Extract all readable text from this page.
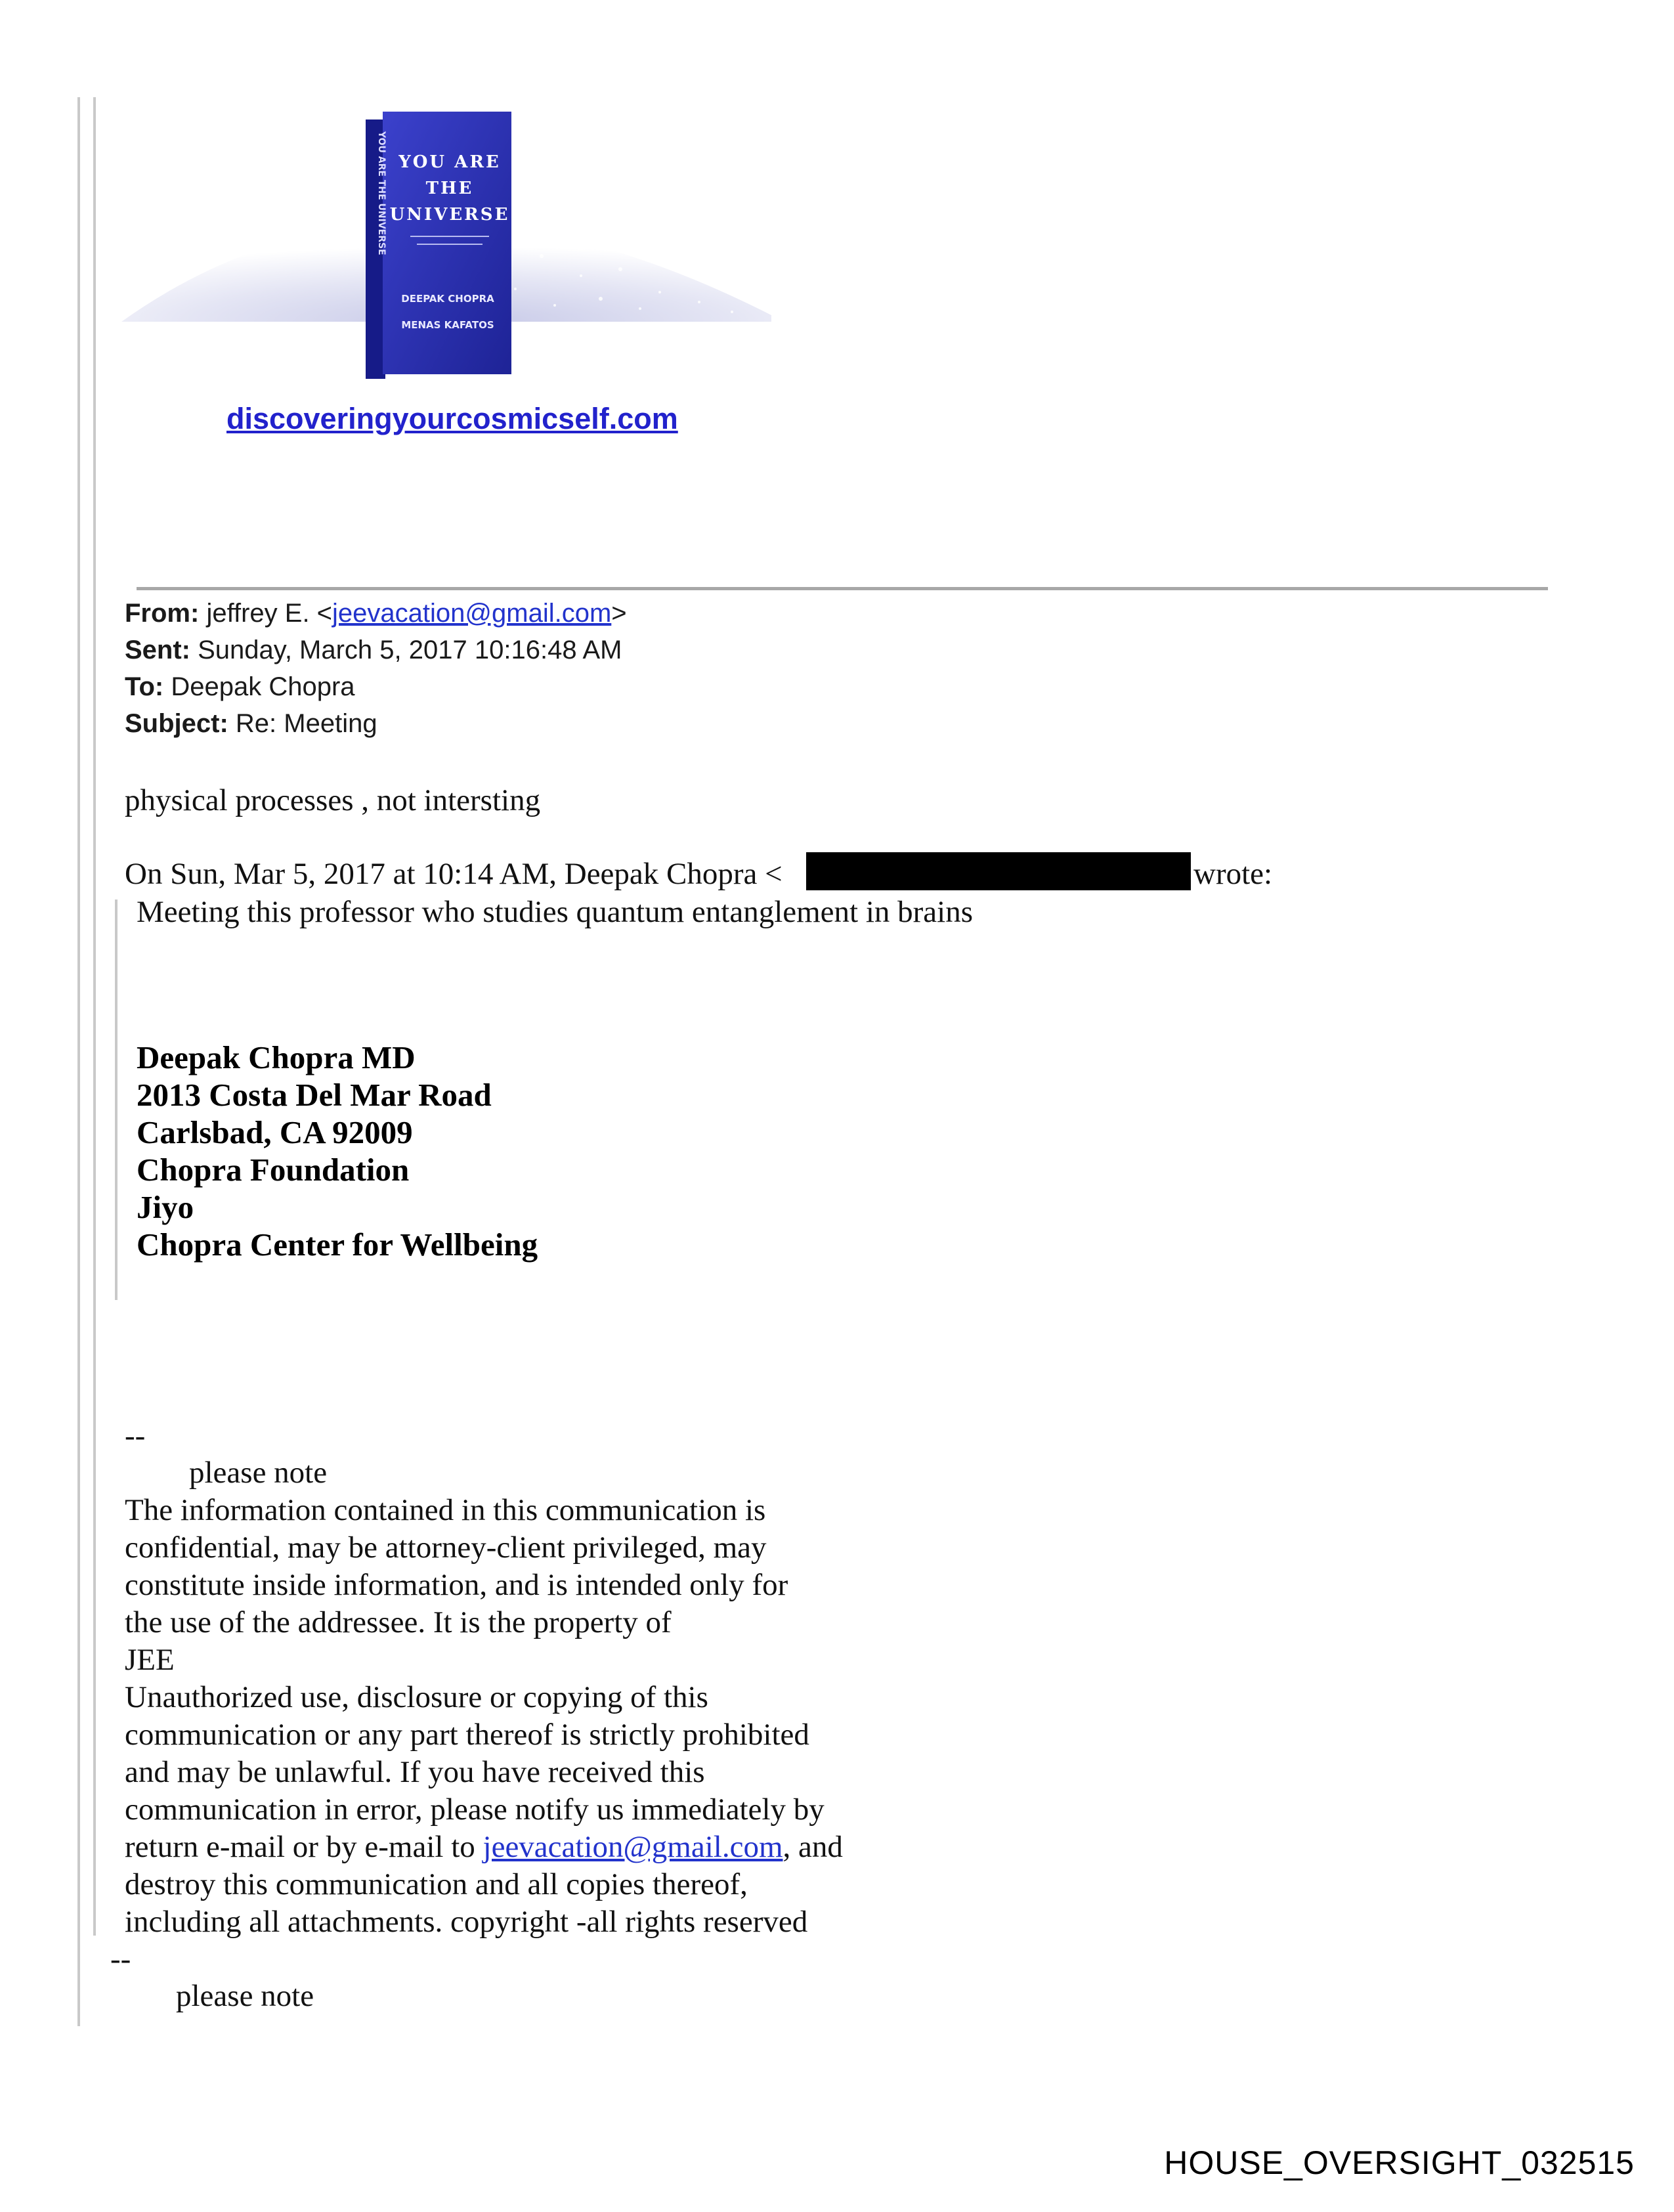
YOU ARE THE UNIVERSE YOU ARE
THE
UNIVERSE
DEEPAK CHOPRA
MENAS KAFATOS
discoveringyourcosmicself.com
From: jeffrey E. <jeevacation@gmail.com>
Sent: Sunday, March 5, 2017 10:16:48 AM
To: Deepak Chopra
Subject: Re: Meeting
physical processes , not intersting
On Sun, Mar 5, 2017 at 10:14 AM, Deepak Chopra <	wrote:
Meeting this professor who studies quantum entanglement in brains
Deepak Chopra MD
2013 Costa Del Mar Road
Carlsbad, CA 92009
Chopra Foundation
Jiyo
Chopra Center for Wellbeing
--
please note
The information contained in this communication is
confidential, may be attorney-client privileged, may
constitute inside information, and is intended only for
the use of the addressee. It is the property of
JEE
Unauthorized use, disclosure or copying of this
communication or any part thereof is strictly prohibited
and may be unlawful. If you have received this
communication in error, please notify us immediately by
return e-mail or by e-mail to jeevacation@gmail.com, and
destroy this communication and all copies thereof,
including all attachments. copyright -all rights reserved
--
please note
HOUSE_OVERSIGHT_032515
